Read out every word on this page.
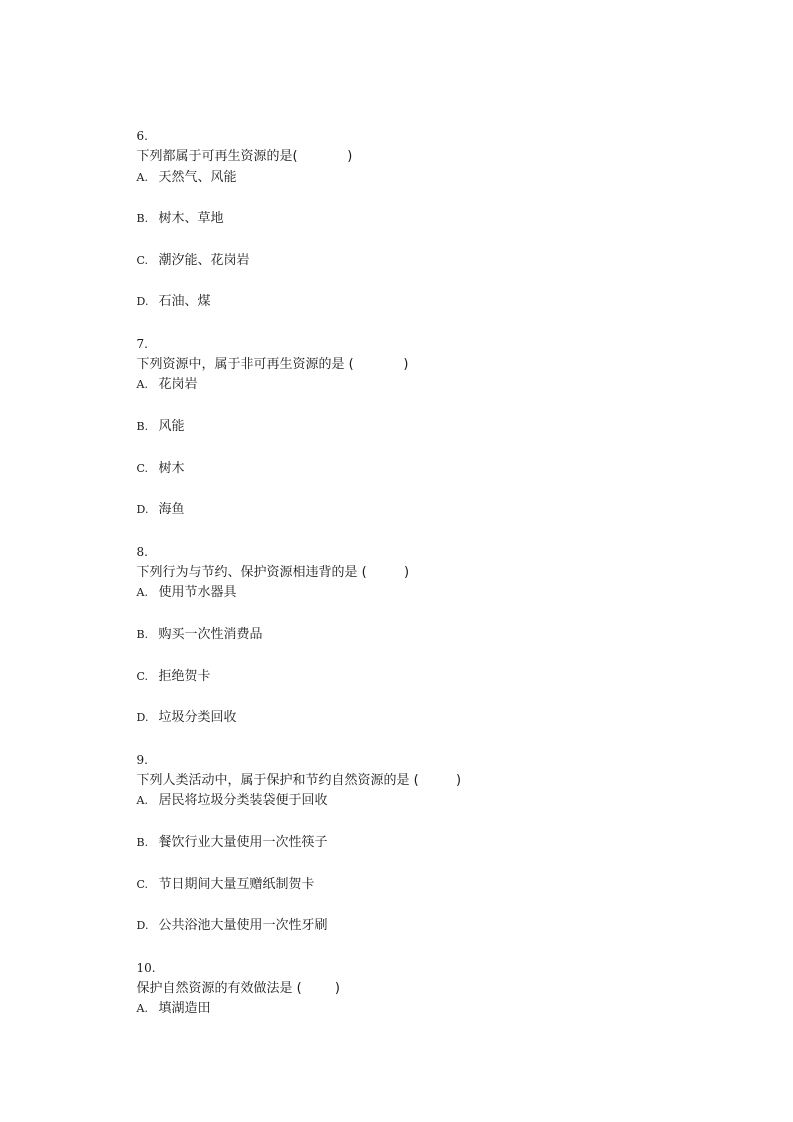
6.
下列都属于可再生资源的是(	)

A. 天然气、风能

B. 树木、草地

C. 潮汐能、花岗岩

D. 石油、煤

7.
下列资源中，属于非可再生资源的是 (	)

A. 花岗岩

B. 风能

C. 树木

D. 海鱼

8.
下列行为与节约、保护资源相违背的是 (	)

A. 使用节水器具

B. 购买一次性消费品

C. 拒绝贺卡

D. 垃圾分类回收

9.
下列人类活动中，属于保护和节约自然资源的是 (	)

A. 居民将垃圾分类装袋便于回收

B. 餐饮行业大量使用一次性筷子

C. 节日期间大量互赠纸制贺卡

D. 公共浴池大量使用一次性牙刷

10.
保护自然资源的有效做法是 (	)

A. 填湖造田
